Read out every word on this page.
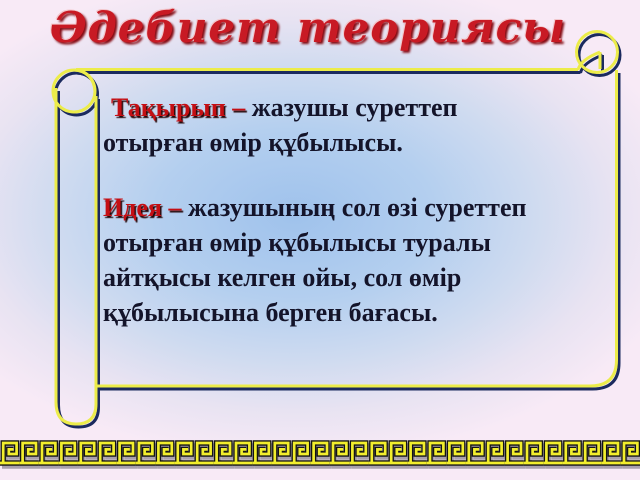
Әдебиет теориясы

Тақырып – жазушы суреттеп
отырған өмір құбылысы.

Идея – жазушының сол өзі суреттеп
отырған өмір құбылысы туралы
айтқысы келген ойы, сол өмір
құбылысына берген бағасы.
